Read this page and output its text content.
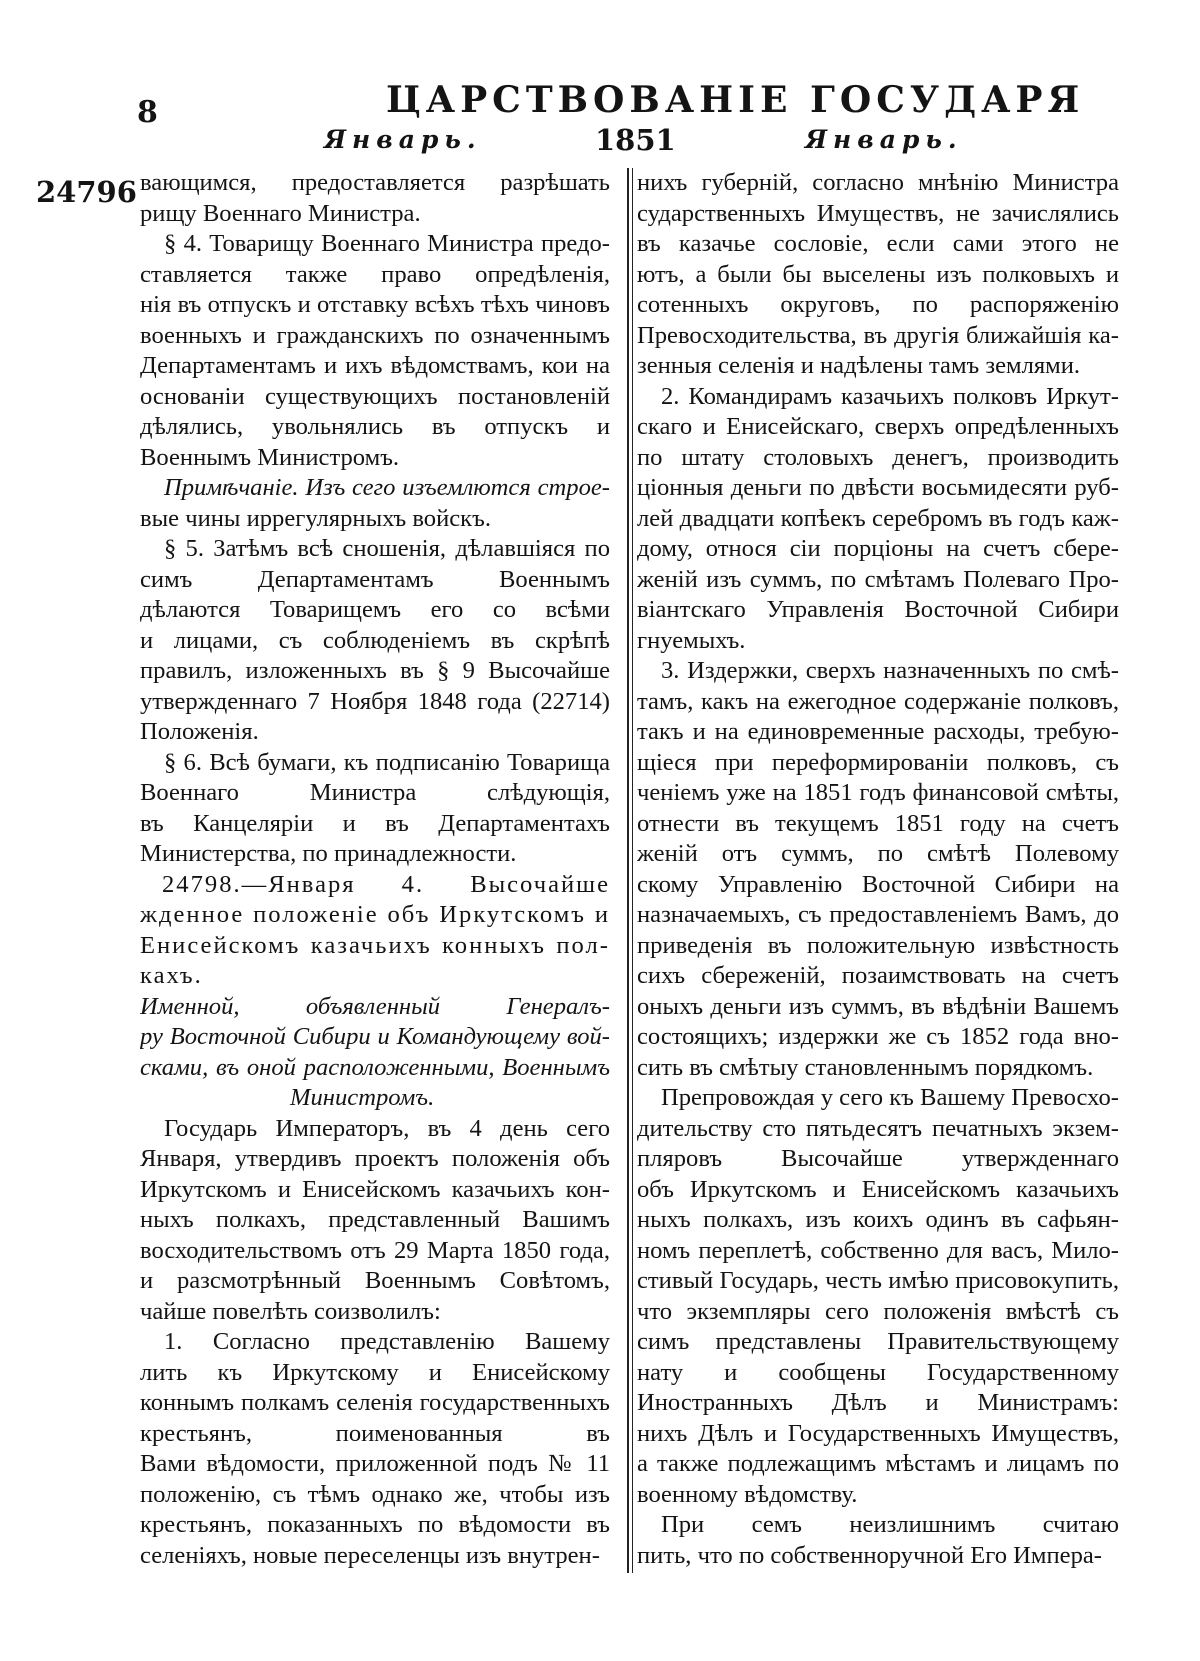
8	ЦАРСТВОВАНІЕ ГОСУДАРЯ
Январь.	1851	Январь.
24796 вающимся, предоставляется разрѣшать
рищу Военнаго Министра.
§ 4. Товарищу Военнаго Министра предо-
ставляется также право опредѣленія,
нія въ отпускъ и отставку всѣхъ тѣхъ чиновъ
военныхъ и гражданскихъ по означеннымъ
Департаментамъ и ихъ вѣдомствамъ, кои на
основаніи существующихъ постановленій
дѣлялись, увольнялись въ отпускъ и
Военнымъ Министромъ.
Примѣчаніе. Изъ сего изъемлются строе-
выe чины иррегулярныхъ войскъ.
§ 5. Затѣмъ всѣ сношенія, дѣлавшіяся по
симъ Департаментамъ Военнымъ
дѣлаются Товарищемъ его со всѣми
и лицами, съ соблюденіемъ въ скрѣпѣ
правилъ, изложенныхъ въ § 9 Высочайше
утвержденнаго 7 Ноября 1848 года (22714)
Положенія.
§ 6. Всѣ бумаги, къ подписанію Товарища
Военнаго Министра слѣдующія,
въ Канцеляріи и въ Департаментахъ
Министерства, по принадлежности.
24798.—Января 4. Высочайше
жденное положеніе объ Иркутскомъ и
Енисейскомъ казачьихъ конныхъ пол-
кахъ.
Именной, объявленный Генералъ-
ру Восточной Сибири и Командующему вой-
сками, въ оной расположенными, Военнымъ
Министромъ.
Государь Императоръ, въ 4 день сего
Января, утвердивъ проектъ положенія объ
Иркутскомъ и Енисейскомъ казачьихъ кон-
ныхъ полкахъ, представленный Вашимъ
восходительствомъ отъ 29 Марта 1850 года,
и разсмотрѣнный Военнымъ Совѣтомъ,
чайше повелѣть соизволилъ:
1. Согласно представленію Вашему
лить къ Иркутскому и Енисейскому
коннымъ полкамъ селенія государственныхъ
крестьянъ, поименованныя въ
Вами вѣдомости, приложенной подъ № 11
положенію, съ тѣмъ однако же, чтобы изъ
крестьянъ, показанныхъ по вѣдомости въ
селеніяхъ, новые переселенцы изъ внутрен-
нихъ губерній, согласно мнѣнію Министра
сударственныхъ Имуществъ, не зачислялись
въ казачье сословіе, если сами этого не
ютъ, а были бы выселены изъ полковыхъ и
сотенныхъ округовъ, по распоряженію
Превосходительства, въ другія ближайшія ка-
зенныя селенія и надѣлены тамъ землями.
2. Командирамъ казачьихъ полковъ Иркут-
скаго и Енисейскаго, сверхъ опредѣленныхъ
по штату столовыхъ денегъ, производить
ціонныя деньги по двѣсти восьмидесяти руб-
лей двадцати копѣекъ серебромъ въ годъ каж-
дому, относя сіи порціоны на счетъ сбере-
женій изъ суммъ, по смѣтамъ Полеваго Про-
віантскаго Управленія Восточной Сибири
гнуемыхъ.
3. Издержки, сверхъ назначенныхъ по смѣ-
тамъ, какъ на ежегодное содержаніе полковъ,
такъ и на единовременные расходы, требую-
щіеся при переформированіи полковъ, съ
ченіемъ уже на 1851 годъ финансовой смѣты,
отнести въ текущемъ 1851 году на счетъ
женій отъ суммъ, по смѣтѣ Полевому
скому Управленію Восточной Сибири на
назначаемыхъ, съ предоставленіемъ Вамъ, до
приведенія въ положительную извѣстность
сихъ сбереженій, позаимствовать на счетъ
оныхъ деньги изъ суммъ, въ вѣдѣніи Вашемъ
состоящихъ; издержки же съ 1852 года вно-
сить въ смѣтыу становленнымъ порядкомъ.
Препровождая у сего къ Вашему Превосхо-
дительству сто пятьдесятъ печатныхъ экзем-
пляровъ Высочайше утвержденнаго
объ Иркутскомъ и Енисейскомъ казачьихъ
ныхъ полкахъ, изъ коихъ одинъ въ сафьян-
номъ переплетѣ, собственно для васъ, Мило-
стивый Государь, честь имѣю присовокупить,
что экземпляры сего положенія вмѣстѣ съ
симъ представлены Правительствующему
нату и сообщены Государственному
Иностранныхъ Дѣлъ и Министрамъ:
нихъ Дѣлъ и Государственныхъ Имуществъ,
а также подлежащимъ мѣстамъ и лицамъ по
военному вѣдомству.
При семъ неизлишнимъ считаю
пить, что по собственноручной Его Импера-
